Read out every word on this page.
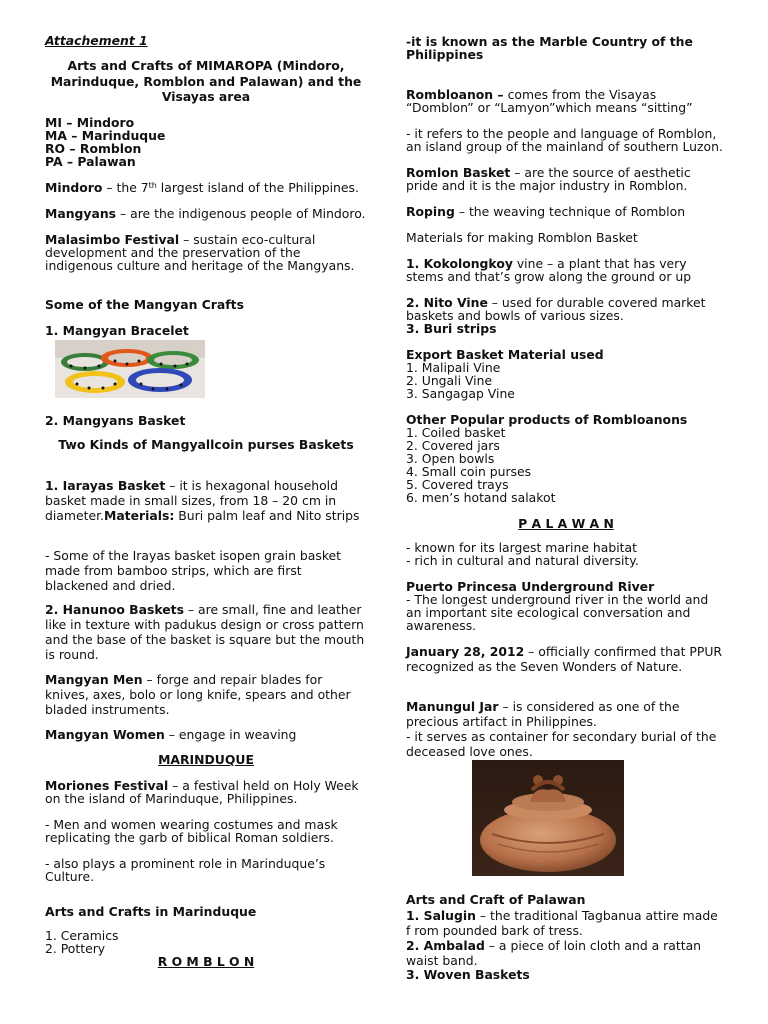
Attachement 1
Arts and Crafts of MIMAROPA (Mindoro, Marinduque, Romblon and Palawan) and the Visayas area

MI – Mindoro

MA – Marinduque

RO – Romblon

PA – Palawan

Mindoro – the 7th largest island of the Philippines.
Mangyans – are the indigenous people of Mindoro.
Malasimbo Festival – sustain eco-cultural development and the preservation of the indigenous culture and heritage of the Mangyans.
Some of the Mangyan Crafts
1. Mangyan Bracelet
2. Mangyans Basket
Two Kinds of Mangyallcoin purses Baskets
1. Iarayas Basket – it is hexagonal household basket made in small sizes, from 18 – 20 cm in diameter.Materials: Buri palm leaf and Nito strips
- Some of the Irayas basket isopen grain basket made from bamboo strips, which are first blackened and dried.
2. Hanunoo Baskets – are small, fine and leather like in texture with padukus design or cross pattern and the base of the basket is square but the mouth is round.
Mangyan Men – forge and repair blades for knives, axes, bolo or long knife, spears and other bladed instruments.
Mangyan Women – engage in weaving
MARINDUQUE
Moriones Festival – a festival held on Holy Week on the island of Marinduque, Philippines.
- Men and women wearing costumes and mask replicating the garb of biblical Roman soldiers.
- also plays a prominent role in Marinduque’s Culture.
Arts and Crafts in Marinduque

1. Ceramics

2. Pottery

R O M B L O N
-it is known as the Marble Country of the Philippines
Rombloanon – comes from the Visayas “Domblon” or “Lamyon”which means “sitting”
- it refers to the people and language of Romblon, an island group of the mainland of southern Luzon.
Romlon Basket – are the source of aesthetic pride and it is the major industry in Romblon.
Roping – the weaving technique of Romblon
Materials for making Romblon Basket
1. Kokolongkoy vine – a plant that has very stems and that’s grow along the ground or up
2. Nito Vine – used for durable covered market baskets and bowls of various sizes.
3. Buri strips
Export Basket Material used

1. Malipali Vine

2. Ungali Vine

3. Sangagap Vine

Other Popular products of Rombloanons

1. Coiled basket

2. Covered jars

3. Open bowls

4. Small coin purses

5. Covered trays

6. men’s hotand salakot

P A L A W A N

- known for its largest marine habitat

- rich in cultural and natural diversity.

Puerto Princesa Underground River
- The longest underground river in the world and an important site ecological conversation and awareness.
January 28, 2012 – officially confirmed that PPUR recognized as the Seven Wonders of Nature.
Manungul Jar – is considered as one of the precious artifact in Philippines.
- it serves as container for secondary burial of the deceased love ones.
Arts and Craft of Palawan
1. Salugin – the traditional Tagbanua attire made f rom pounded bark of tress.
2. Ambalad – a piece of loin cloth and a rattan waist band.
3. Woven Baskets
